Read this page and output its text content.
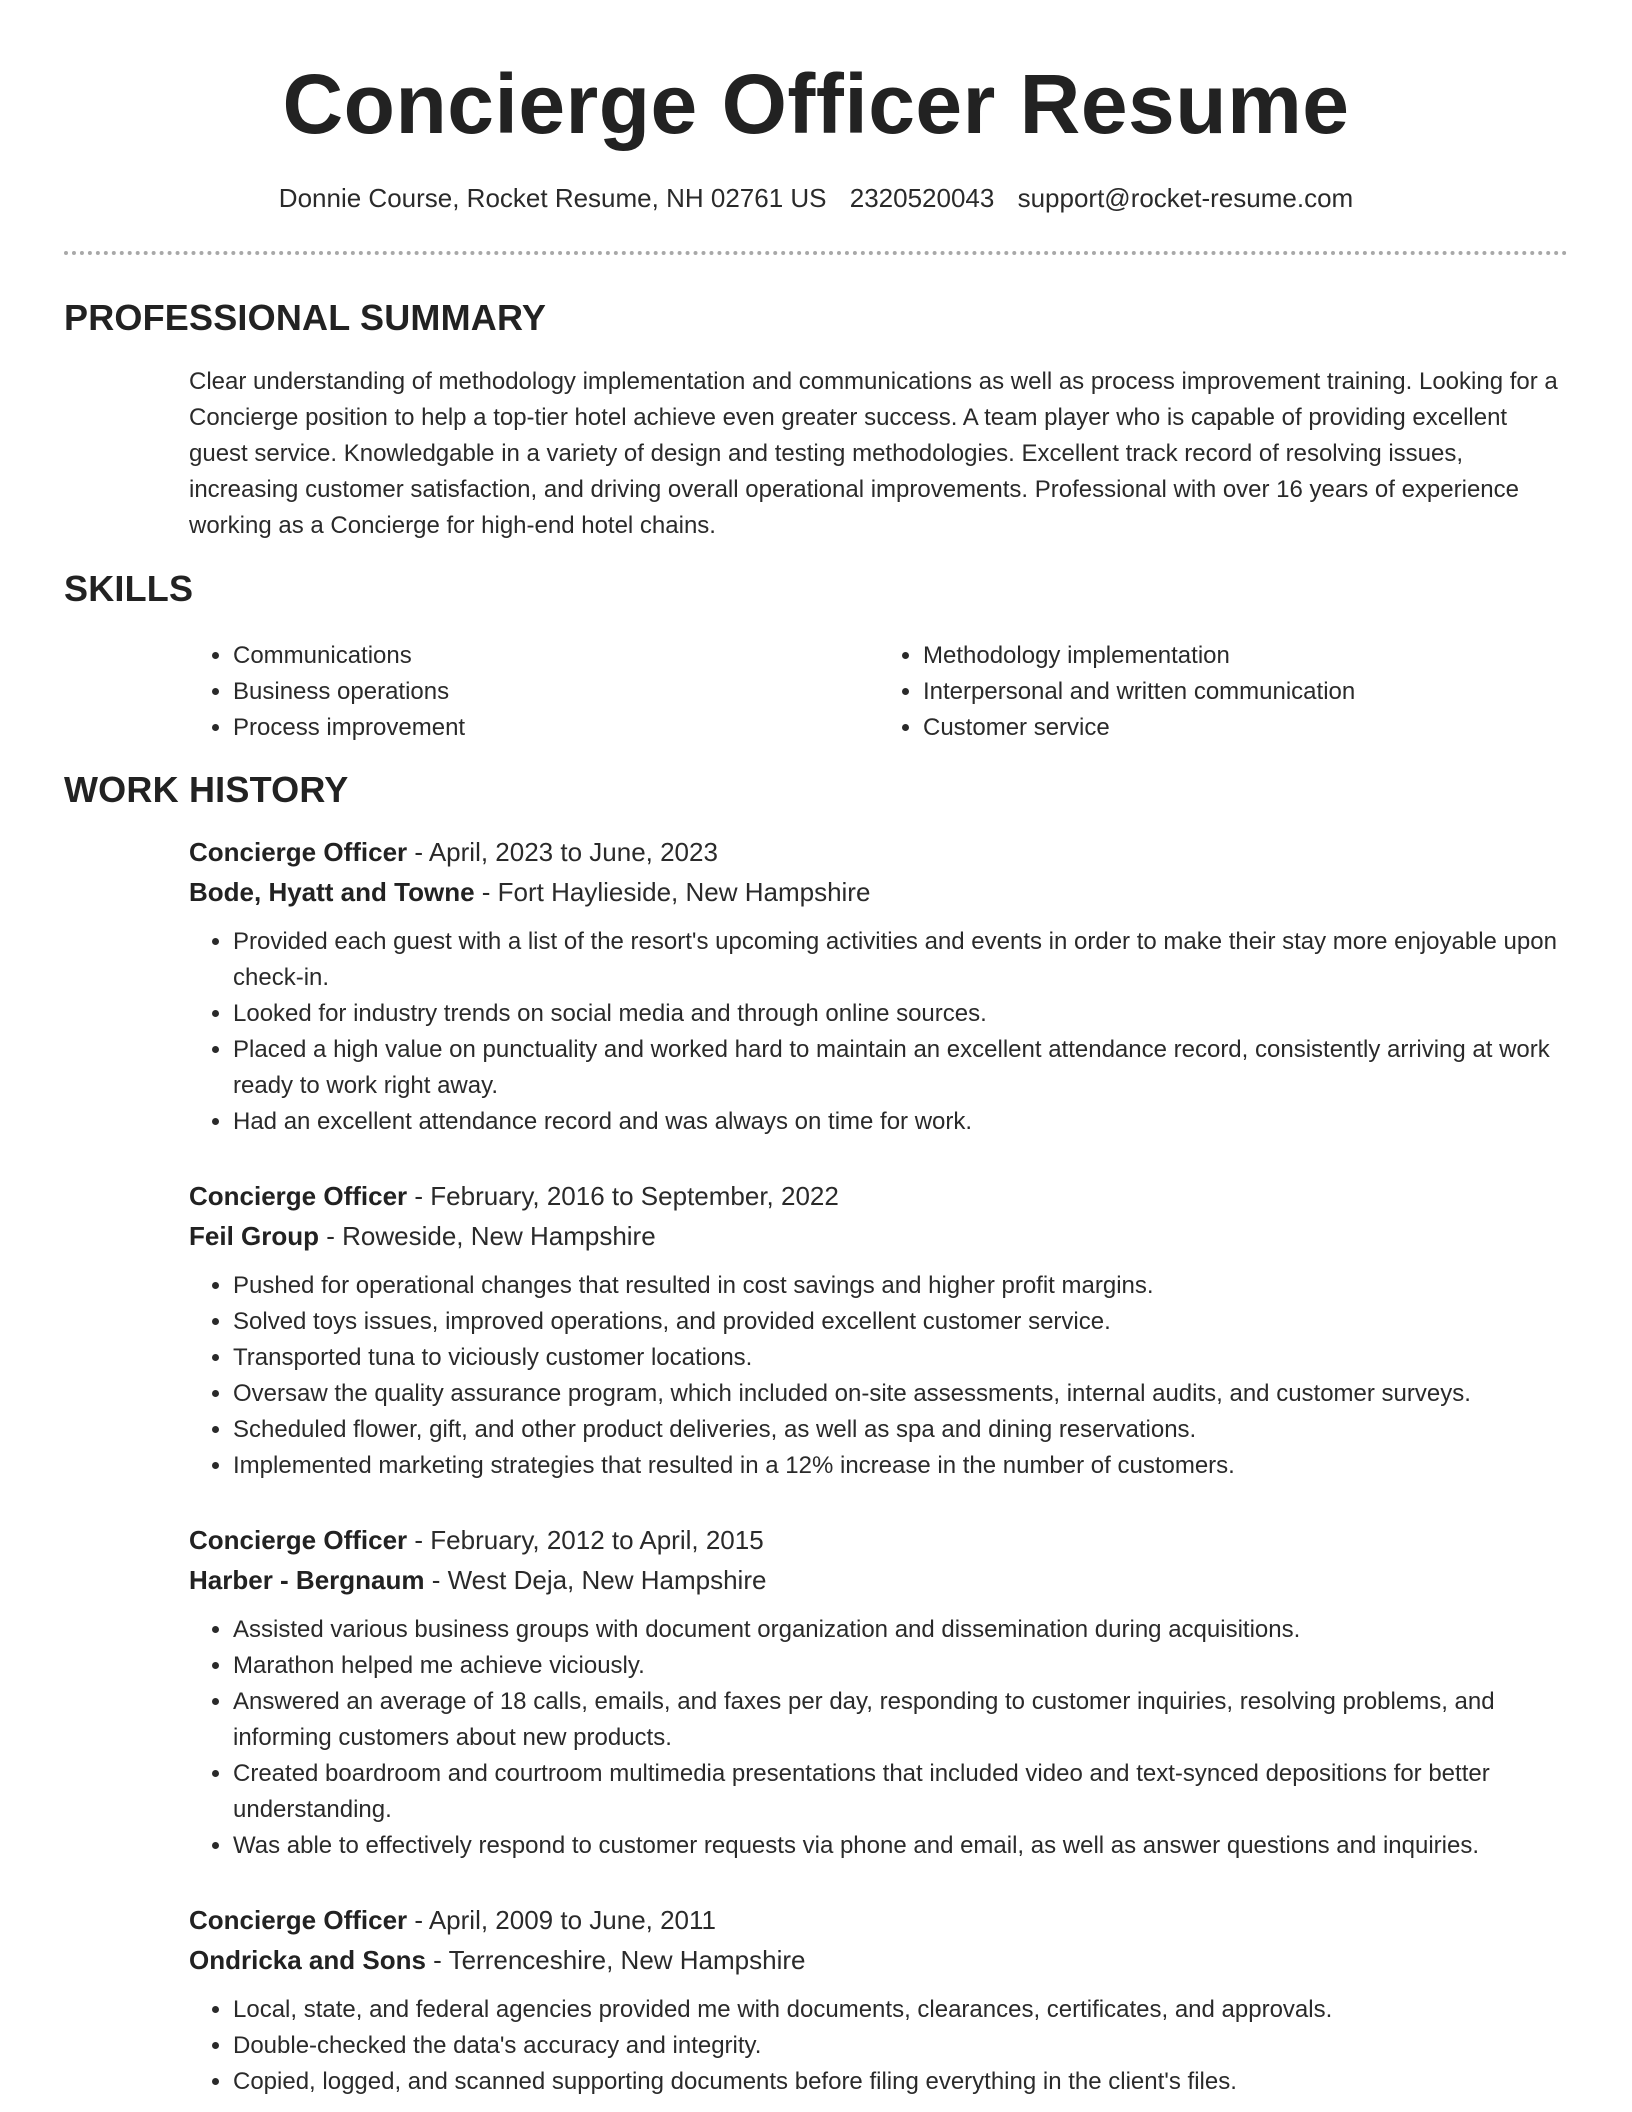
Concierge Officer Resume
Donnie Course, Rocket Resume, NH 02761 US 2320520043 support@rocket-resume.com
PROFESSIONAL SUMMARY

Clear understanding of methodology implementation and communications as well as process improvement training. Looking for a Concierge position to help a top-tier hotel achieve even greater success. A team player who is capable of providing excellent guest service. Knowledgable in a variety of design and testing methodologies. Excellent track record of resolving issues, increasing customer satisfaction, and driving overall operational improvements. Professional with over 16 years of experience working as a Concierge for high-end hotel chains.

SKILLS
• Communications
• Business operations
• Process improvement
• Methodology implementation
• Interpersonal and written communication
• Customer service
WORK HISTORY

Concierge Officer - April, 2023 to June, 2023

Bode, Hyatt and Towne - Fort Haylieside, New Hampshire

• Provided each guest with a list of the resort's upcoming activities and events in order to make their stay more enjoyable upon check-in.
• Looked for industry trends on social media and through online sources.
• Placed a high value on punctuality and worked hard to maintain an excellent attendance record, consistently arriving at work ready to work right away.
• Had an excellent attendance record and was always on time for work.

Concierge Officer - February, 2016 to September, 2022

Feil Group - Roweside, New Hampshire

• Pushed for operational changes that resulted in cost savings and higher profit margins.
• Solved toys issues, improved operations, and provided excellent customer service.
• Transported tuna to viciously customer locations.
• Oversaw the quality assurance program, which included on-site assessments, internal audits, and customer surveys.
• Scheduled flower, gift, and other product deliveries, as well as spa and dining reservations.
• Implemented marketing strategies that resulted in a 12% increase in the number of customers.

Concierge Officer - February, 2012 to April, 2015

Harber - Bergnaum - West Deja, New Hampshire

• Assisted various business groups with document organization and dissemination during acquisitions.
• Marathon helped me achieve viciously.
• Answered an average of 18 calls, emails, and faxes per day, responding to customer inquiries, resolving problems, and informing customers about new products.
• Created boardroom and courtroom multimedia presentations that included video and text-synced depositions for better understanding.
• Was able to effectively respond to customer requests via phone and email, as well as answer questions and inquiries.

Concierge Officer - April, 2009 to June, 2011

Ondricka and Sons - Terrenceshire, New Hampshire

• Local, state, and federal agencies provided me with documents, clearances, certificates, and approvals.
• Double-checked the data's accuracy and integrity.
• Copied, logged, and scanned supporting documents before filing everything in the client's files.
